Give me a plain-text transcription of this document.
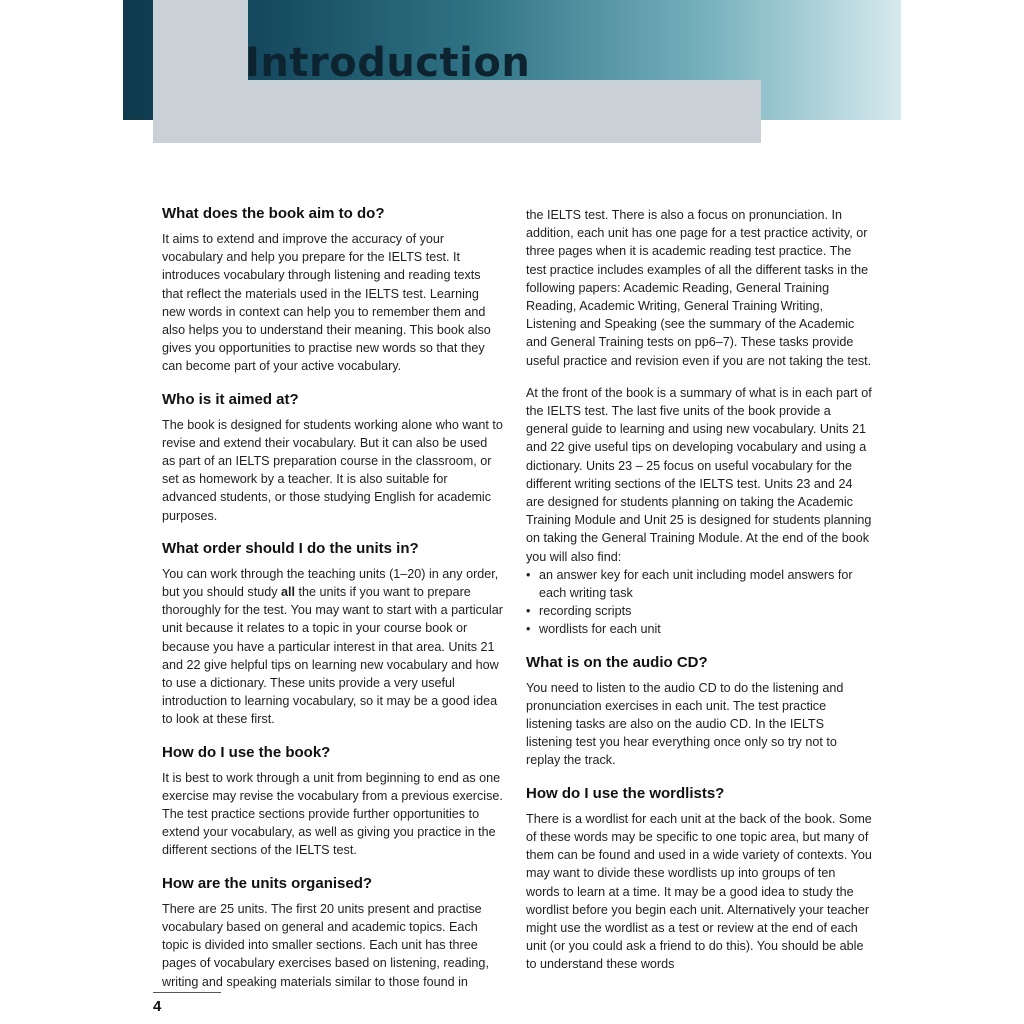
Introduction
What does the book aim to do?

It aims to extend and improve the accuracy of your vocabulary and help you prepare for the IELTS test. It introduces vocabulary through listening and reading texts that reflect the materials used in the IELTS test. Learning new words in context can help you to remember them and also helps you to understand their meaning. This book also gives you opportunities to practise new words so that they can become part of your active vocabulary.

Who is it aimed at?

The book is designed for students working alone who want to revise and extend their vocabulary. But it can also be used as part of an IELTS preparation course in the classroom, or set as homework by a teacher. It is also suitable for advanced students, or those studying English for academic purposes.

What order should I do the units in?

You can work through the teaching units (1–20) in any order, but you should study all the units if you want to prepare thoroughly for the test. You may want to start with a particular unit because it relates to a topic in your course book or because you have a particular interest in that area. Units 21 and 22 give helpful tips on learning new vocabulary and how to use a dictionary. These units provide a very useful introduction to learning vocabulary, so it may be a good idea to look at these first.

How do I use the book?

It is best to work through a unit from beginning to end as one exercise may revise the vocabulary from a previous exercise. The test practice sections provide further opportunities to extend your vocabulary, as well as giving you practice in the different sections of the IELTS test.

How are the units organised?

There are 25 units. The first 20 units present and practise vocabulary based on general and academic topics. Each topic is divided into smaller sections. Each unit has three pages of vocabulary exercises based on listening, reading, writing and speaking materials similar to those found in

the IELTS test. There is also a focus on pronunciation. In addition, each unit has one page for a test practice activity, or three pages when it is academic reading test practice. The test practice includes examples of all the different tasks in the following papers: Academic Reading, General Training Reading, Academic Writing, General Training Writing, Listening and Speaking (see the summary of the Academic and General Training tests on pp6–7). These tasks provide useful practice and revision even if you are not taking the test.

At the front of the book is a summary of what is in each part of the IELTS test. The last five units of the book provide a general guide to learning and using new vocabulary. Units 21 and 22 give useful tips on developing vocabulary and using a dictionary. Units 23 – 25 focus on useful vocabulary for the different writing sections of the IELTS test. Units 23 and 24 are designed for students planning on taking the Academic Training Module and Unit 25 is designed for students planning on taking the General Training Module. At the end of the book you will also find:

• an answer key for each unit including model answers for each writing task
• recording scripts
• wordlists for each unit
What is on the audio CD?

You need to listen to the audio CD to do the listening and pronunciation exercises in each unit. The test practice listening tasks are also on the audio CD. In the IELTS listening test you hear everything once only so try not to replay the track.

How do I use the wordlists?

There is a wordlist for each unit at the back of the book. Some of these words may be specific to one topic area, but many of them can be found and used in a wide variety of contexts. You may want to divide these wordlists up into groups of ten words to learn at a time. It may be a good idea to study the wordlist before you begin each unit. Alternatively your teacher might use the wordlist as a test or review at the end of each unit (or you could ask a friend to do this). You should be able to understand these words

4
